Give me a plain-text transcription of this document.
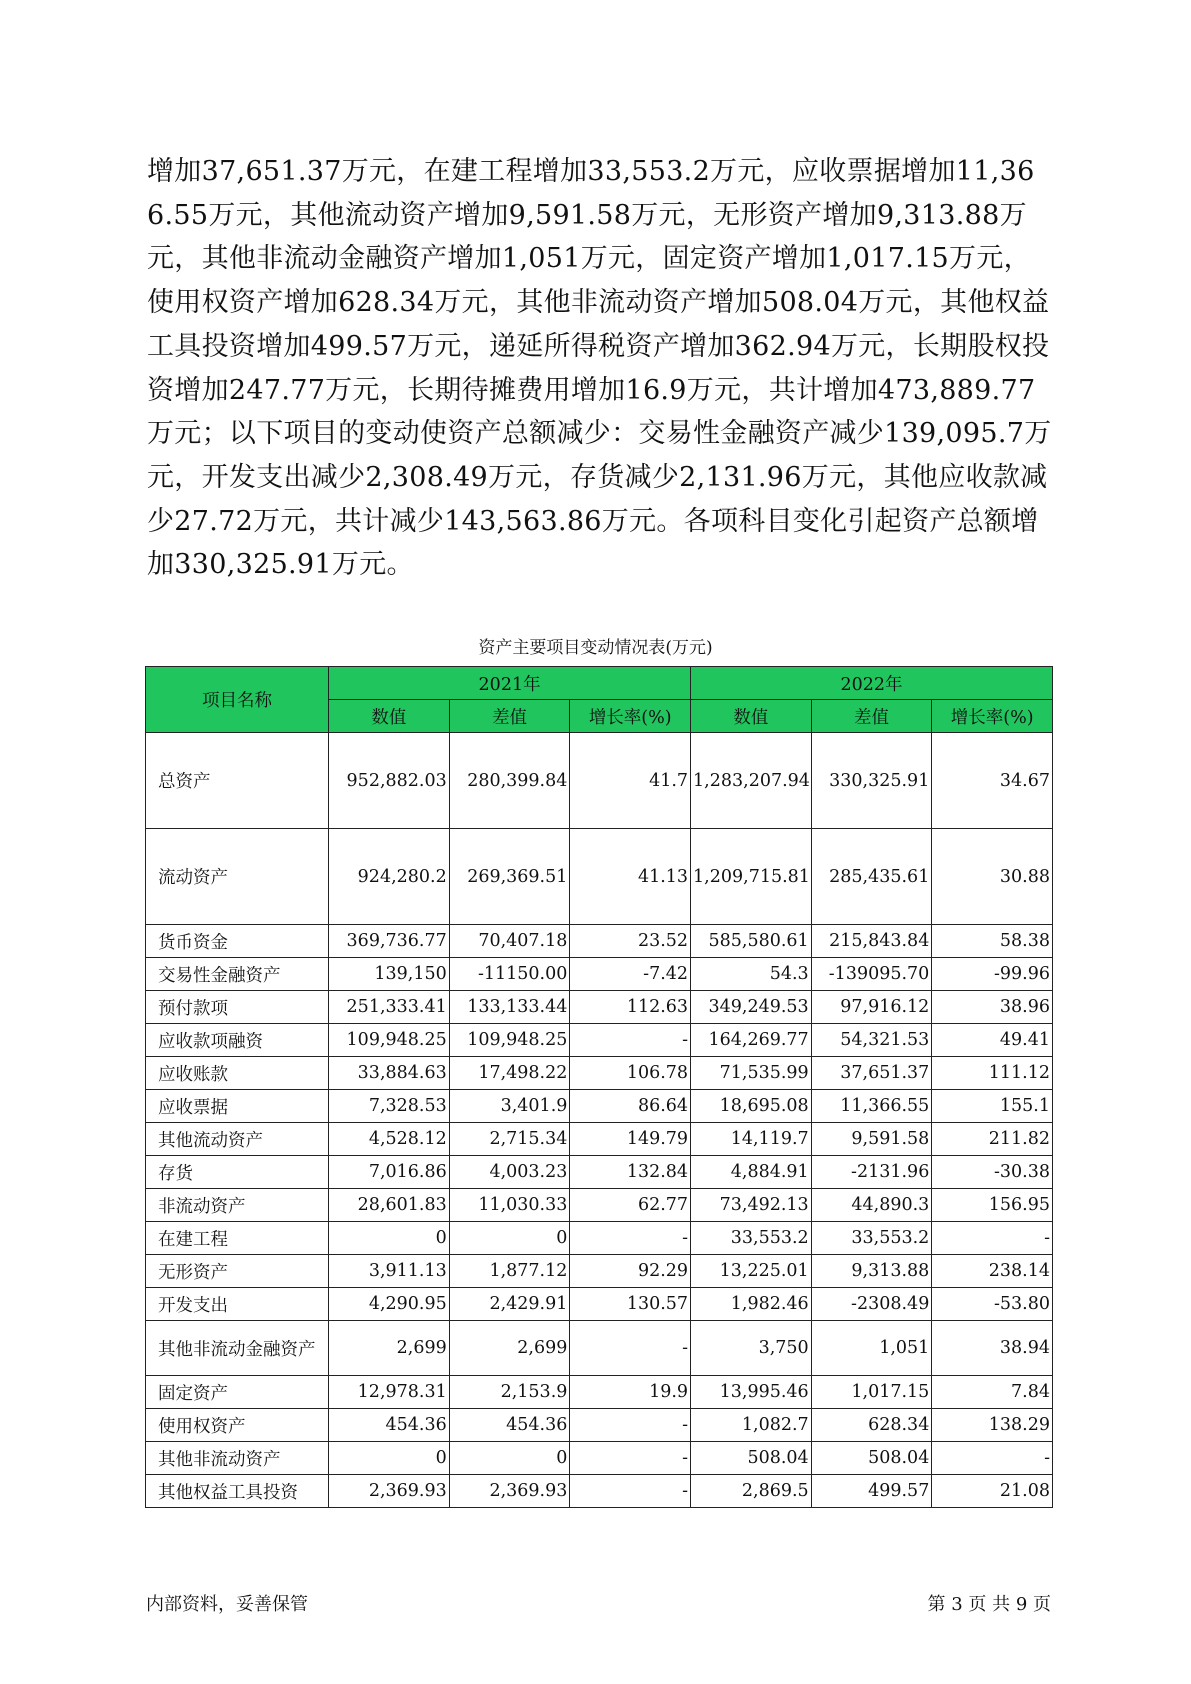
增加37,651.37万元，在建工程增加33,553.2万元，应收票据增加11,366.55万元，其他流动资产增加9,591.58万元，无形资产增加9,313.88万元，其他非流动金融资产增加1,051万元，固定资产增加1,017.15万元，使用权资产增加628.34万元，其他非流动资产增加508.04万元，其他权益工具投资增加499.57万元，递延所得税资产增加362.94万元，长期股权投资增加247.77万元，长期待摊费用增加16.9万元，共计增加473,889.77万元；以下项目的变动使资产总额减少：交易性金融资产减少139,095.7万元，开发支出减少2,308.49万元，存货减少2,131.96万元，其他应收款减少27.72万元，共计减少143,563.86万元。各项科目变化引起资产总额增加330,325.91万元。

资产主要项目变动情况表(万元)

项目名称	2021年			2022年		
	数值	差值	增长率(%)	数值	差值	增长率(%)
总资产	952,882.03	280,399.84	41.7	1,283,207.94	330,325.91	34.67
流动资产	924,280.2	269,369.51	41.13	1,209,715.81	285,435.61	30.88
货币资金	369,736.77	70,407.18	23.52	585,580.61	215,843.84	58.38
交易性金融资产	139,150	-11150.00	-7.42	54.3	-139095.70	-99.96
预付款项	251,333.41	133,133.44	112.63	349,249.53	97,916.12	38.96
应收款项融资	109,948.25	109,948.25	-	164,269.77	54,321.53	49.41
应收账款	33,884.63	17,498.22	106.78	71,535.99	37,651.37	111.12
应收票据	7,328.53	3,401.9	86.64	18,695.08	11,366.55	155.1
其他流动资产	4,528.12	2,715.34	149.79	14,119.7	9,591.58	211.82
存货	7,016.86	4,003.23	132.84	4,884.91	-2131.96	-30.38
非流动资产	28,601.83	11,030.33	62.77	73,492.13	44,890.3	156.95
在建工程	0	0	-	33,553.2	33,553.2	-
无形资产	3,911.13	1,877.12	92.29	13,225.01	9,313.88	238.14
开发支出	4,290.95	2,429.91	130.57	1,982.46	-2308.49	-53.80
其他非流动金融资产	2,699	2,699	-	3,750	1,051	38.94
固定资产	12,978.31	2,153.9	19.9	13,995.46	1,017.15	7.84
使用权资产	454.36	454.36	-	1,082.7	628.34	138.29
其他非流动资产	0	0	-	508.04	508.04	-
其他权益工具投资	2,369.93	2,369.93	-	2,869.5	499.57	21.08
内部资料，妥善保管	第 3 页 共 9 页
